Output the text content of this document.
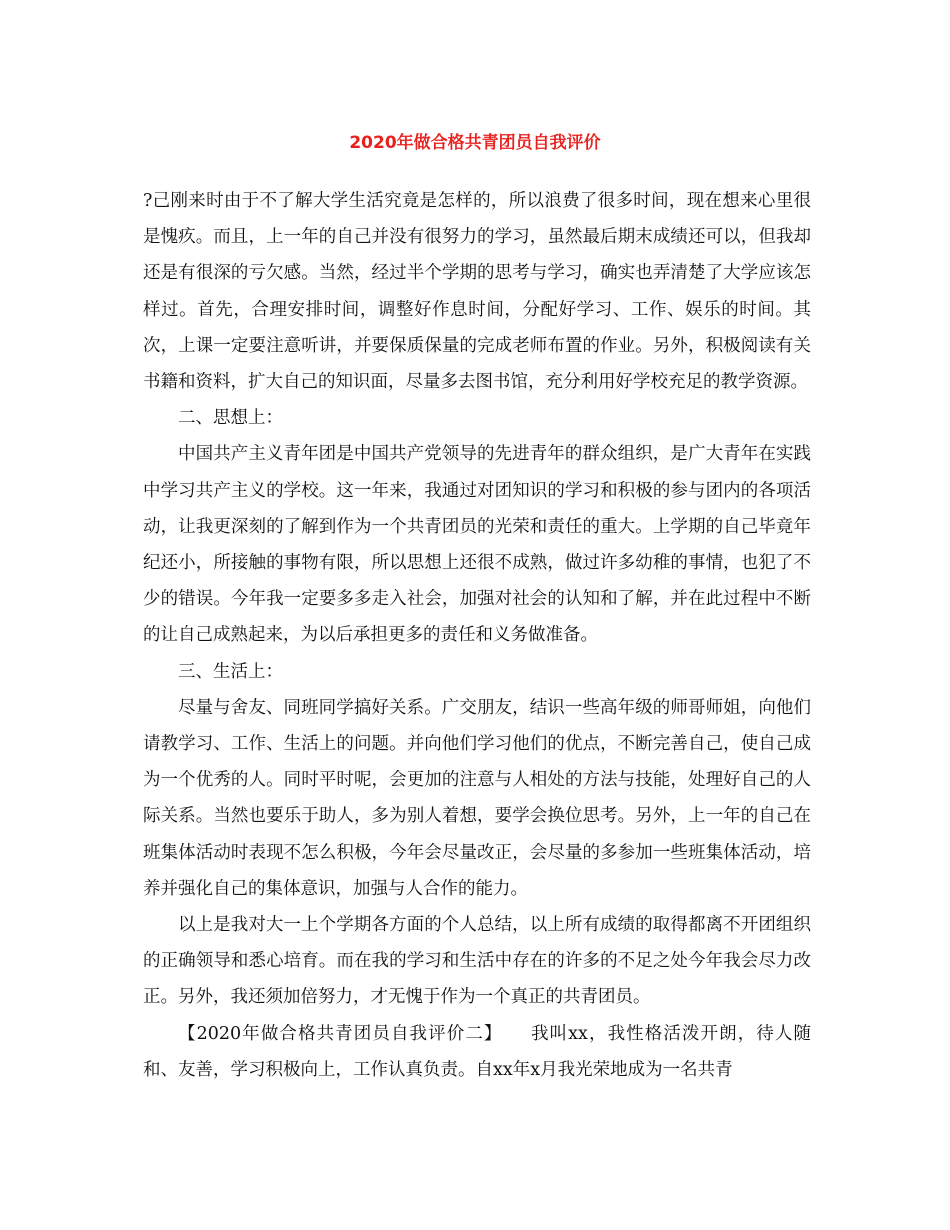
2020年做合格共青团员自我评价

?己刚来时由于不了解大学生活究竟是怎样的，所以浪费了很多时间，现在想来心里很是愧疚。而且，上一年的自己并没有很努力的学习，虽然最后期末成绩还可以，但我却还是有很深的亏欠感。当然，经过半个学期的思考与学习，确实也弄清楚了大学应该怎样过。首先，合理安排时间，调整好作息时间，分配好学习、工作、娱乐的时间。其次，上课一定要注意听讲，并要保质保量的完成老师布置的作业。另外，积极阅读有关书籍和资料，扩大自己的知识面，尽量多去图书馆，充分利用好学校充足的教学资源。

二、思想上：

中国共产主义青年团是中国共产党领导的先进青年的群众组织，是广大青年在实践中学习共产主义的学校。这一年来，我通过对团知识的学习和积极的参与团内的各项活动，让我更深刻的了解到作为一个共青团员的光荣和责任的重大。上学期的自己毕竟年纪还小，所接触的事物有限，所以思想上还很不成熟，做过许多幼稚的事情，也犯了不少的错误。今年我一定要多多走入社会，加强对社会的认知和了解，并在此过程中不断的让自己成熟起来，为以后承担更多的责任和义务做准备。

三、生活上：

尽量与舍友、同班同学搞好关系。广交朋友，结识一些高年级的师哥师姐，向他们请教学习、工作、生活上的问题。并向他们学习他们的优点，不断完善自己，使自己成为一个优秀的人。同时平时呢，会更加的注意与人相处的方法与技能，处理好自己的人际关系。当然也要乐于助人，多为别人着想，要学会换位思考。另外，上一年的自己在班集体活动时表现不怎么积极，今年会尽量改正，会尽量的多参加一些班集体活动，培养并强化自己的集体意识，加强与人合作的能力。

以上是我对大一上个学期各方面的个人总结，以上所有成绩的取得都离不开团组织的正确领导和悉心培育。而在我的学习和生活中存在的许多的不足之处今年我会尽力改正。另外，我还须加倍努力，才无愧于作为一个真正的共青团员。

【2020年做合格共青团员自我评价二】　　我叫xx，我性格活泼开朗，待人随和、友善，学习积极向上，工作认真负责。自xx年x月我光荣地成为一名共青
